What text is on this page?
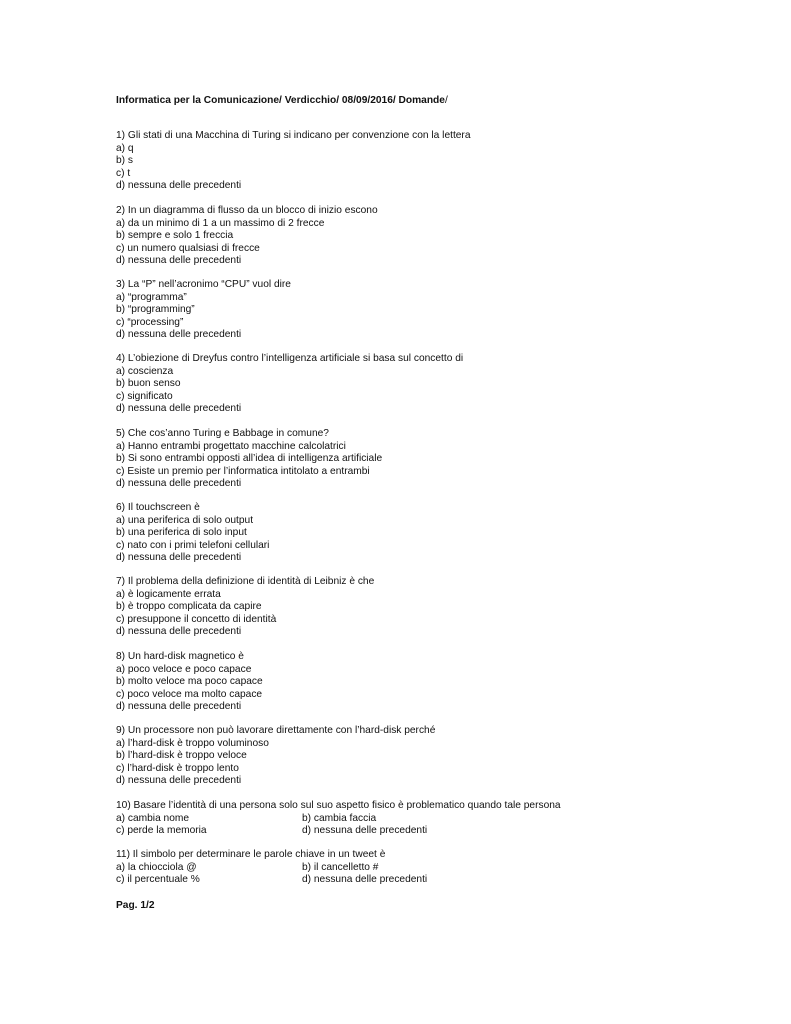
Informatica per la Comunicazione/ Verdicchio/ 08/09/2016/ Domande/
1) Gli stati di una Macchina di Turing si indicano per convenzione con la lettera
a) q
b) s
c) t
d) nessuna delle precedenti
2) In un diagramma di flusso da un blocco di inizio escono
a) da un minimo di 1 a un massimo di 2 frecce
b) sempre e solo 1 freccia
c) un numero qualsiasi di frecce
d) nessuna delle precedenti
3) La “P” nell’acronimo “CPU” vuol dire
a) “programma”
b) “programming”
c) “processing”
d) nessuna delle precedenti
4) L’obiezione di Dreyfus contro l’intelligenza artificiale si basa sul concetto di
a) coscienza
b) buon senso
c) significato
d) nessuna delle precedenti
5) Che cos’anno Turing e Babbage in comune?
a) Hanno entrambi progettato macchine calcolatrici
b) Si sono entrambi opposti all’idea di intelligenza artificiale
c) Esiste un premio per l’informatica intitolato a entrambi
d) nessuna delle precedenti
6) Il touchscreen è
a) una periferica di solo output
b) una periferica di solo input
c) nato con i primi telefoni cellulari
d) nessuna delle precedenti
7) Il problema della definizione di identità di Leibniz è che
a) è logicamente errata
b) è troppo complicata da capire
c) presuppone il concetto di identità
d) nessuna delle precedenti
8) Un hard-disk magnetico è
a) poco veloce e poco capace
b) molto veloce ma poco capace
c) poco veloce ma molto capace
d) nessuna delle precedenti
9) Un processore non può lavorare direttamente con l’hard-disk perché
a) l’hard-disk è troppo voluminoso
b) l’hard-disk è troppo veloce
c) l’hard-disk è troppo lento
d) nessuna delle precedenti
10) Basare l’identità di una persona solo sul suo aspetto fisico è problematico quando tale persona
a) cambia nome	b) cambia faccia
c) perde la memoria	d) nessuna delle precedenti
11) Il simbolo per determinare le parole chiave in un tweet è
a) la chiocciola @	b) il cancelletto #
c) il percentuale %	d) nessuna delle precedenti
Pag. 1/2
